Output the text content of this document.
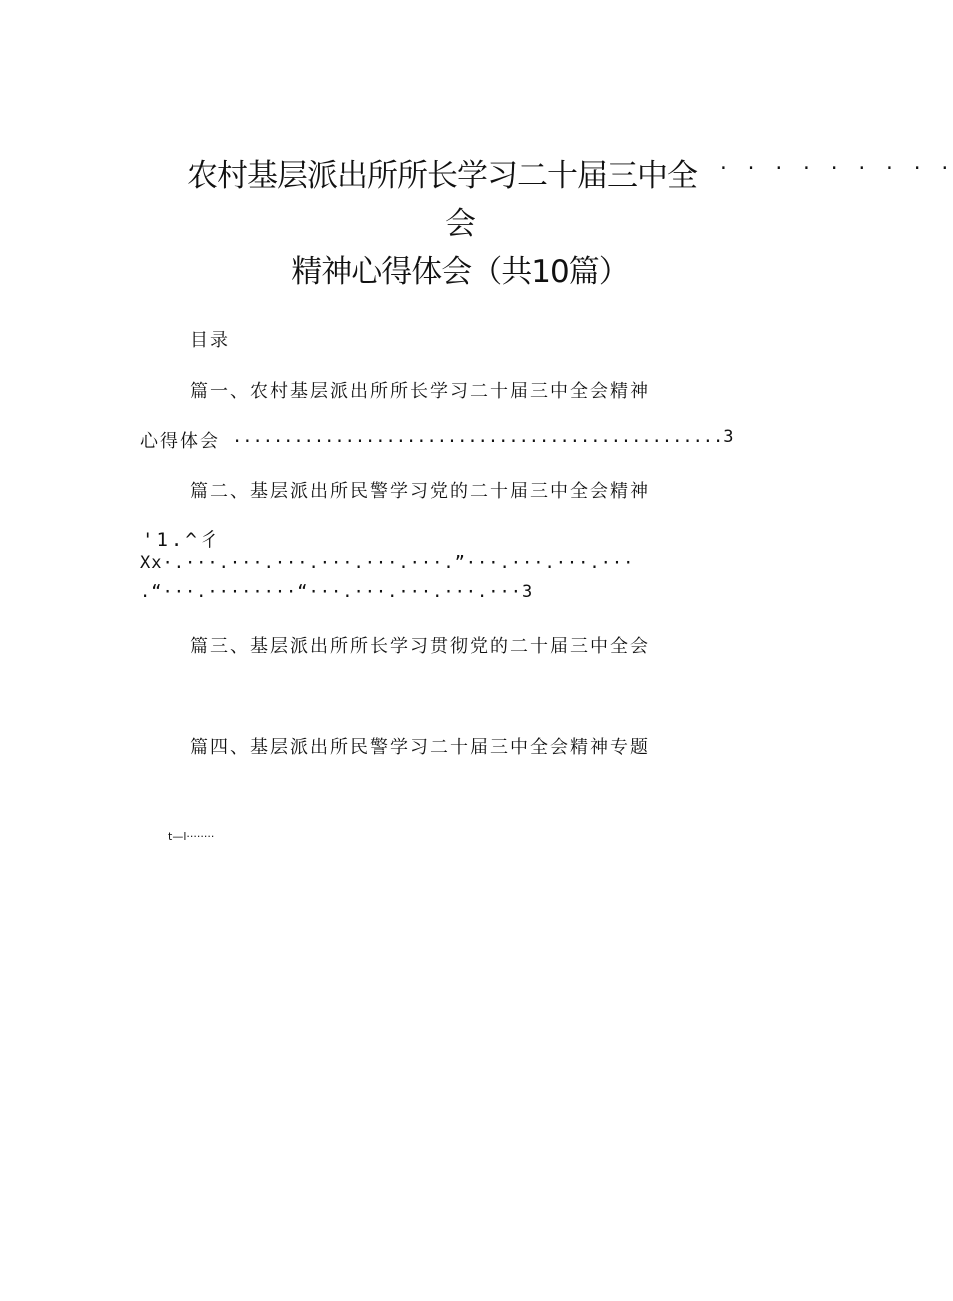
农村基层派出所所长学习二十届三中全	· · · · · · · · ·
会
精神心得体会（共10篇）
目录
篇一、农村基层派出所所长学习二十届三中全会精神
心得体会 ................................................3
篇二、基层派出所民警学习党的二十届三中全会精神
'1.^彳
Xx·.···.···.···.···.···.···.”···.···.···.···
.“···.········“···.···.···.···.···3
篇三、基层派出所所长学习贯彻党的二十届三中全会
篇四、基层派出所民警学习二十届三中全会精神专题
t—l········
